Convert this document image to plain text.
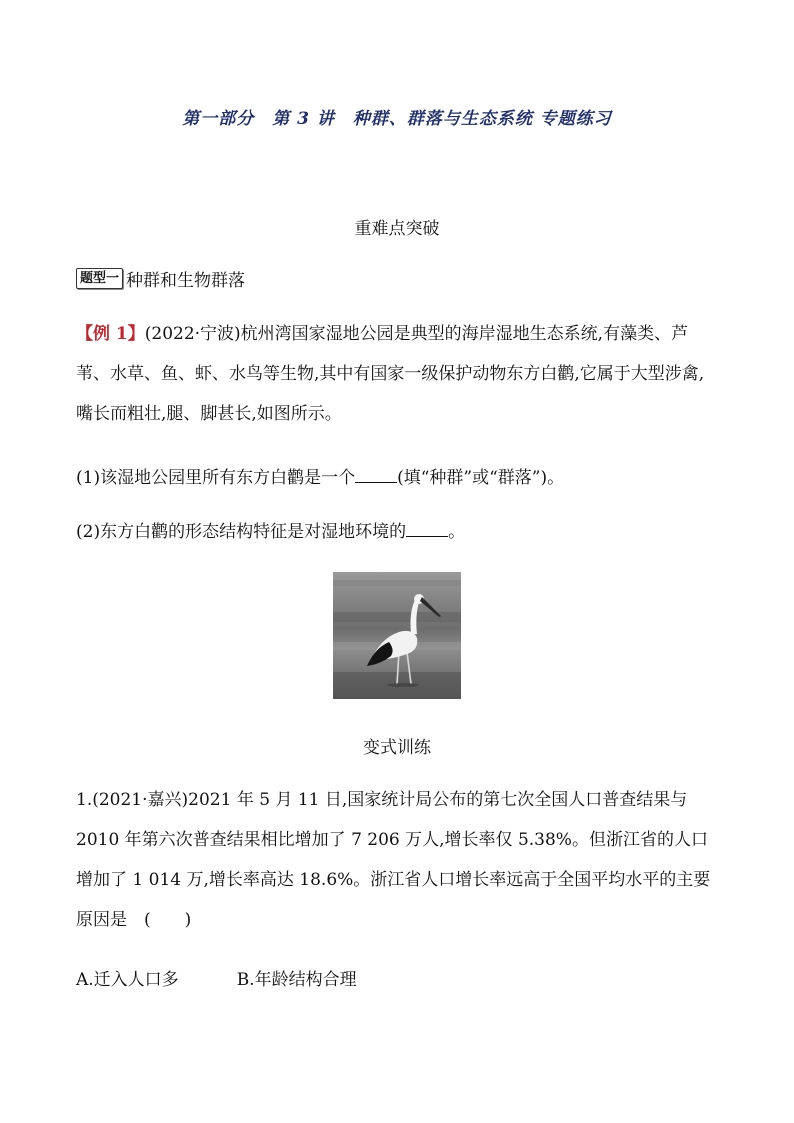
第一部分　第 3 讲　种群、群落与生态系统 专题练习
重难点突破
题型一 种群和生物群落
【例 1】(2022·宁波)杭州湾国家湿地公园是典型的海岸湿地生态系统,有藻类、芦苇、水草、鱼、虾、水鸟等生物,其中有国家一级保护动物东方白鹳,它属于大型涉禽,嘴长而粗壮,腿、脚甚长,如图所示。
(1)该湿地公园里所有东方白鹳是一个 (填“种群”或“群落”)。
(2)东方白鹳的形态结构特征是对湿地环境的 。
变式训练
1.(2021·嘉兴)2021 年 5 月 11 日,国家统计局公布的第七次全国人口普查结果与 2010 年第六次普查结果相比增加了 7 206 万人,增长率仅 5.38%。但浙江省的人口增加了 1 014 万,增长率高达 18.6%。浙江省人口增长率远高于全国平均水平的主要原因是　(　　)
A.迁入人口多	B.年龄结构合理
